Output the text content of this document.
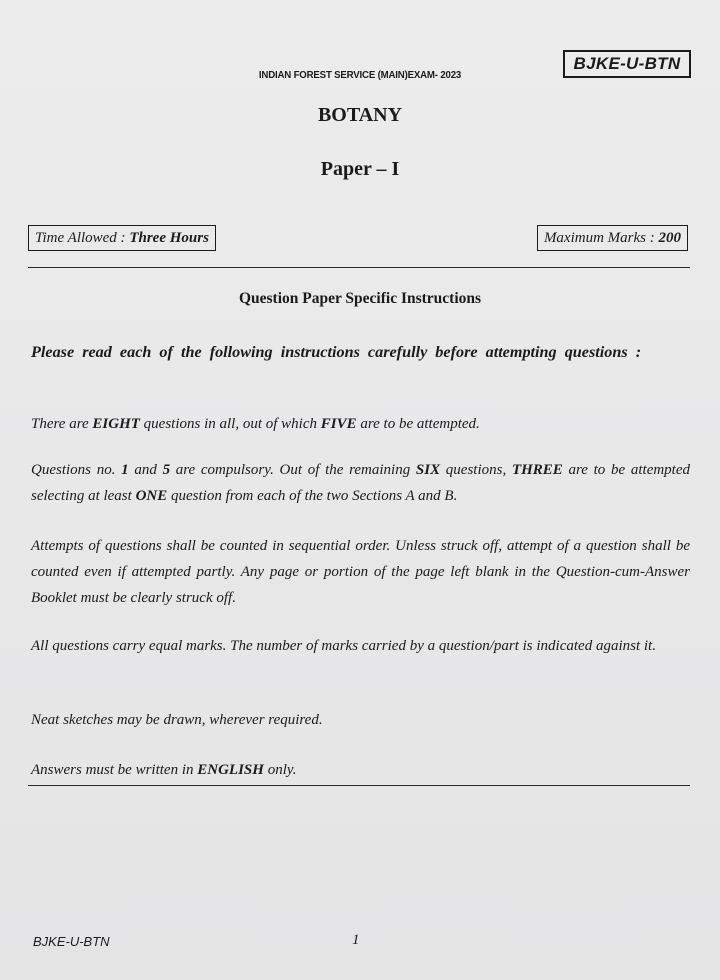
BJKE-U-BTN
INDIAN FOREST SERVICE (MAIN)EXAM- 2023
BOTANY
Paper – I
Time Allowed : Three Hours	Maximum Marks : 200
Question Paper Specific Instructions
Please read each of the following instructions carefully before attempting questions :
There are EIGHT questions in all, out of which FIVE are to be attempted.
Questions no. 1 and 5 are compulsory. Out of the remaining SIX questions, THREE are to be attempted selecting at least ONE question from each of the two Sections A and B.
Attempts of questions shall be counted in sequential order. Unless struck off, attempt of a question shall be counted even if attempted partly. Any page or portion of the page left blank in the Question-cum-Answer Booklet must be clearly struck off.
All questions carry equal marks. The number of marks carried by a question/part is indicated against it.
Neat sketches may be drawn, wherever required.
Answers must be written in ENGLISH only.
BJKE-U-BTN	1
